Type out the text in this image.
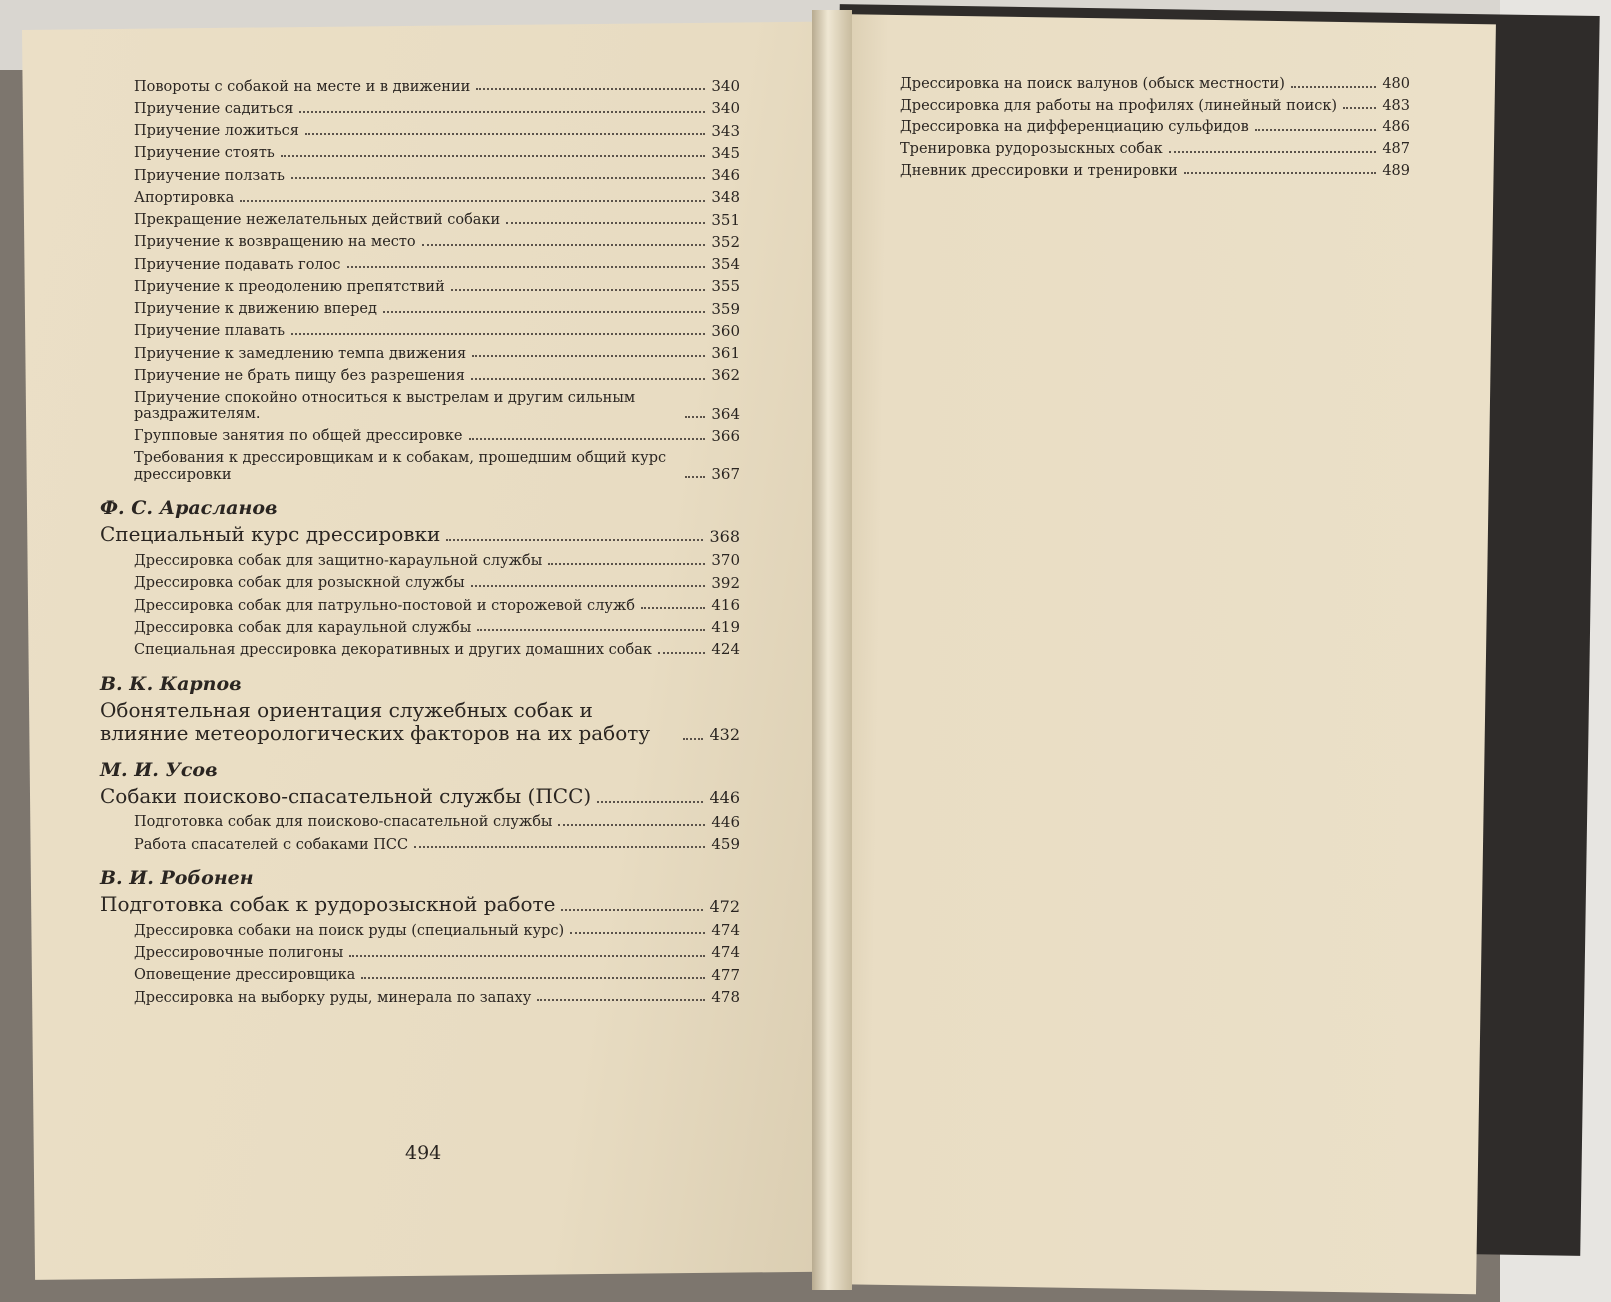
Повороты с собакой на месте и в движении	340
Приучение садиться	340
Приучение ложиться	343
Приучение стоять	345
Приучение ползать	346
Апортировка	348
Прекращение нежелательных действий собаки	351
Приучение к возвращению на место	352
Приучение подавать голос	354
Приучение к преодолению препятствий	355
Приучение к движению вперед	359
Приучение плавать	360
Приучение к замедлению темпа движения	361
Приучение не брать пищу без разрешения	362
Приучение спокойно относиться к выстрелам и другим сильным раздражителям.	364
Групповые занятия по общей дрессировке	366
Требования к дрессировщикам и к собакам, прошедшим общий курс дрессировки	367
Ф. С. Арасланов
Специальный курс дрессировки	368
Дрессировка собак для защитно-караульной службы	370
Дрессировка собак для розыскной службы	392
Дрессировка собак для патрульно-постовой и сторожевой служб	416
Дрессировка собак для караульной службы	419
Специальная дрессировка декоративных и других домашних собак	424
В. К. Карпов
Обонятельная ориентация служебных собак и влияние метеорологических факторов на их работу	432
М. И. Усов
Собаки поисково-спасательной службы (ПСС)	446
Подготовка собак для поисково-спасательной службы	446
Работа спасателей с собаками ПСС	459
В. И. Робонен
Подготовка собак к рудорозыскной работе	472
Дрессировка собаки на поиск руды (специальный курс)	474
Дрессировочные полигоны	474
Оповещение дрессировщика	477
Дрессировка на выборку руды, минерала по запаху	478
494
Дрессировка на поиск валунов (обыск местности)	480
Дрессировка для работы на профилях (линейный поиск)	483
Дрессировка на дифференциацию сульфидов	486
Тренировка рудорозыскных собак	487
Дневник дрессировки и тренировки	489
